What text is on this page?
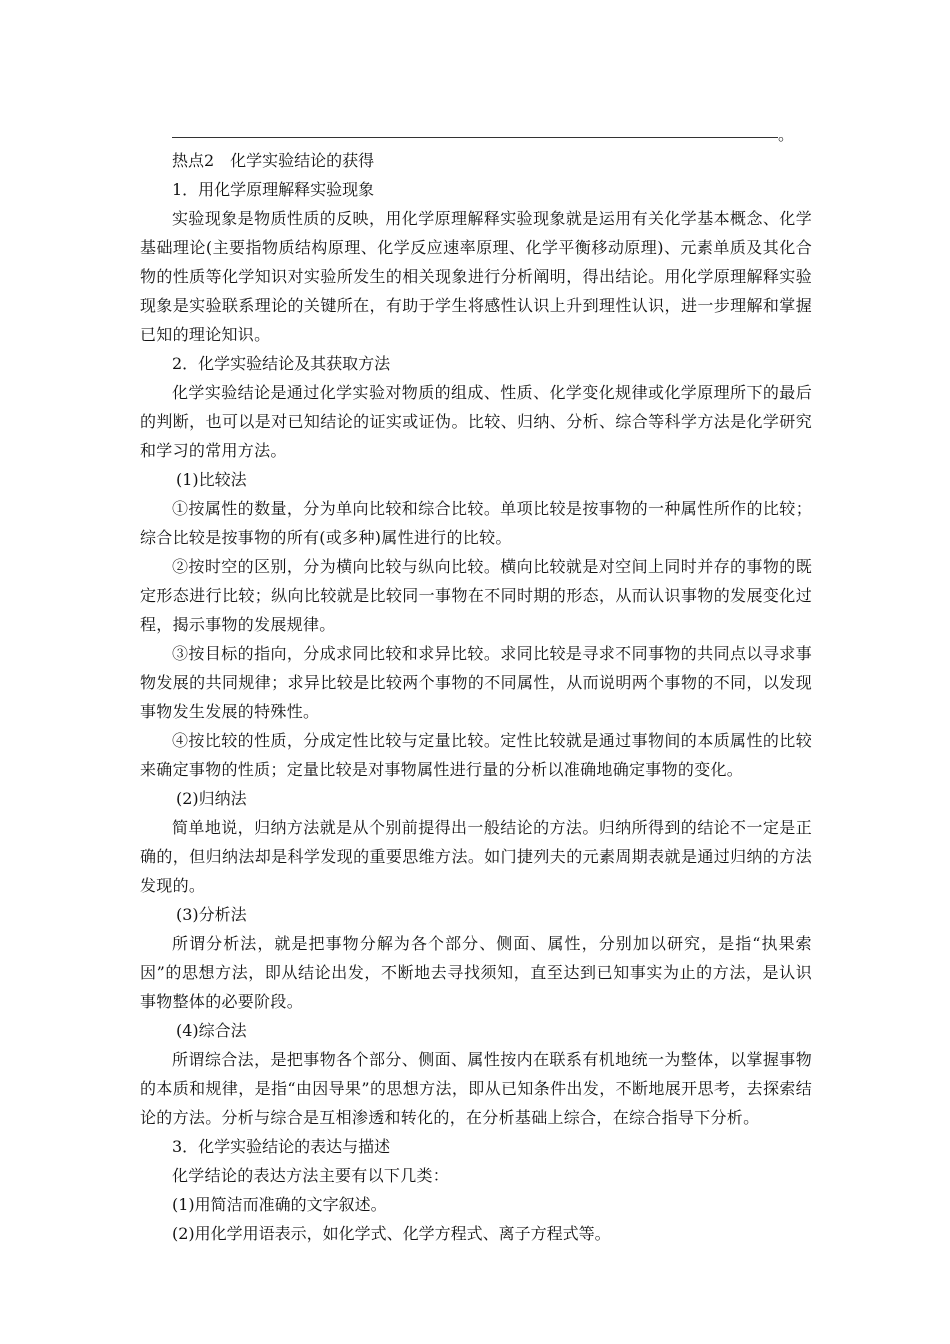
。

热点2　化学实验结论的获得

1．用化学原理解释实验现象

实验现象是物质性质的反映，用化学原理解释实验现象就是运用有关化学基本概念、化学基础理论(主要指物质结构原理、化学反应速率原理、化学平衡移动原理)、元素单质及其化合物的性质等化学知识对实验所发生的相关现象进行分析阐明，得出结论。用化学原理解释实验现象是实验联系理论的关键所在，有助于学生将感性认识上升到理性认识，进一步理解和掌握已知的理论知识。

2．化学实验结论及其获取方法

化学实验结论是通过化学实验对物质的组成、性质、化学变化规律或化学原理所下的最后的判断，也可以是对已知结论的证实或证伪。比较、归纳、分析、综合等科学方法是化学研究和学习的常用方法。

(1)比较法

①按属性的数量，分为单向比较和综合比较。单项比较是按事物的一种属性所作的比较；综合比较是按事物的所有(或多种)属性进行的比较。

②按时空的区别，分为横向比较与纵向比较。横向比较就是对空间上同时并存的事物的既定形态进行比较；纵向比较就是比较同一事物在不同时期的形态，从而认识事物的发展变化过程，揭示事物的发展规律。

③按目标的指向，分成求同比较和求异比较。求同比较是寻求不同事物的共同点以寻求事物发展的共同规律；求异比较是比较两个事物的不同属性，从而说明两个事物的不同，以发现事物发生发展的特殊性。

④按比较的性质，分成定性比较与定量比较。定性比较就是通过事物间的本质属性的比较来确定事物的性质；定量比较是对事物属性进行量的分析以准确地确定事物的变化。

(2)归纳法

简单地说，归纳方法就是从个别前提得出一般结论的方法。归纳所得到的结论不一定是正确的，但归纳法却是科学发现的重要思维方法。如门捷列夫的元素周期表就是通过归纳的方法发现的。

(3)分析法

所谓分析法，就是把事物分解为各个部分、侧面、属性，分别加以研究，是指“执果索因”的思想方法，即从结论出发，不断地去寻找须知，直至达到已知事实为止的方法，是认识事物整体的必要阶段。

(4)综合法

所谓综合法，是把事物各个部分、侧面、属性按内在联系有机地统一为整体，以掌握事物的本质和规律，是指“由因导果”的思想方法，即从已知条件出发，不断地展开思考，去探索结论的方法。分析与综合是互相渗透和转化的，在分析基础上综合，在综合指导下分析。

3．化学实验结论的表达与描述

化学结论的表达方法主要有以下几类：

(1)用简洁而准确的文字叙述。

(2)用化学用语表示，如化学式、化学方程式、离子方程式等。
